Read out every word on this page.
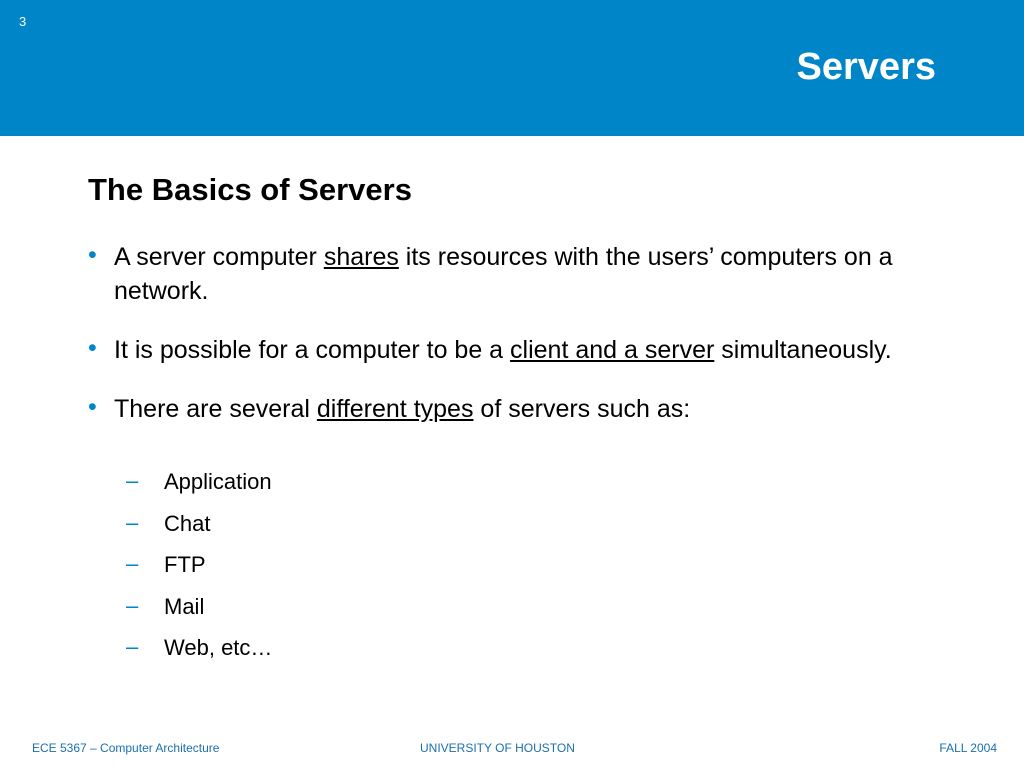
3
Servers
The Basics of Servers
• A server computer shares its resources with the users’ computers on a network.
• It is possible for a computer to be a client and a server simultaneously.
• There are several different types of servers such as:
– Application
– Chat
– FTP
– Mail
– Web, etc…
ECE 5367 – Computer Architecture	UNIVERSITY OF HOUSTON	FALL 2004
